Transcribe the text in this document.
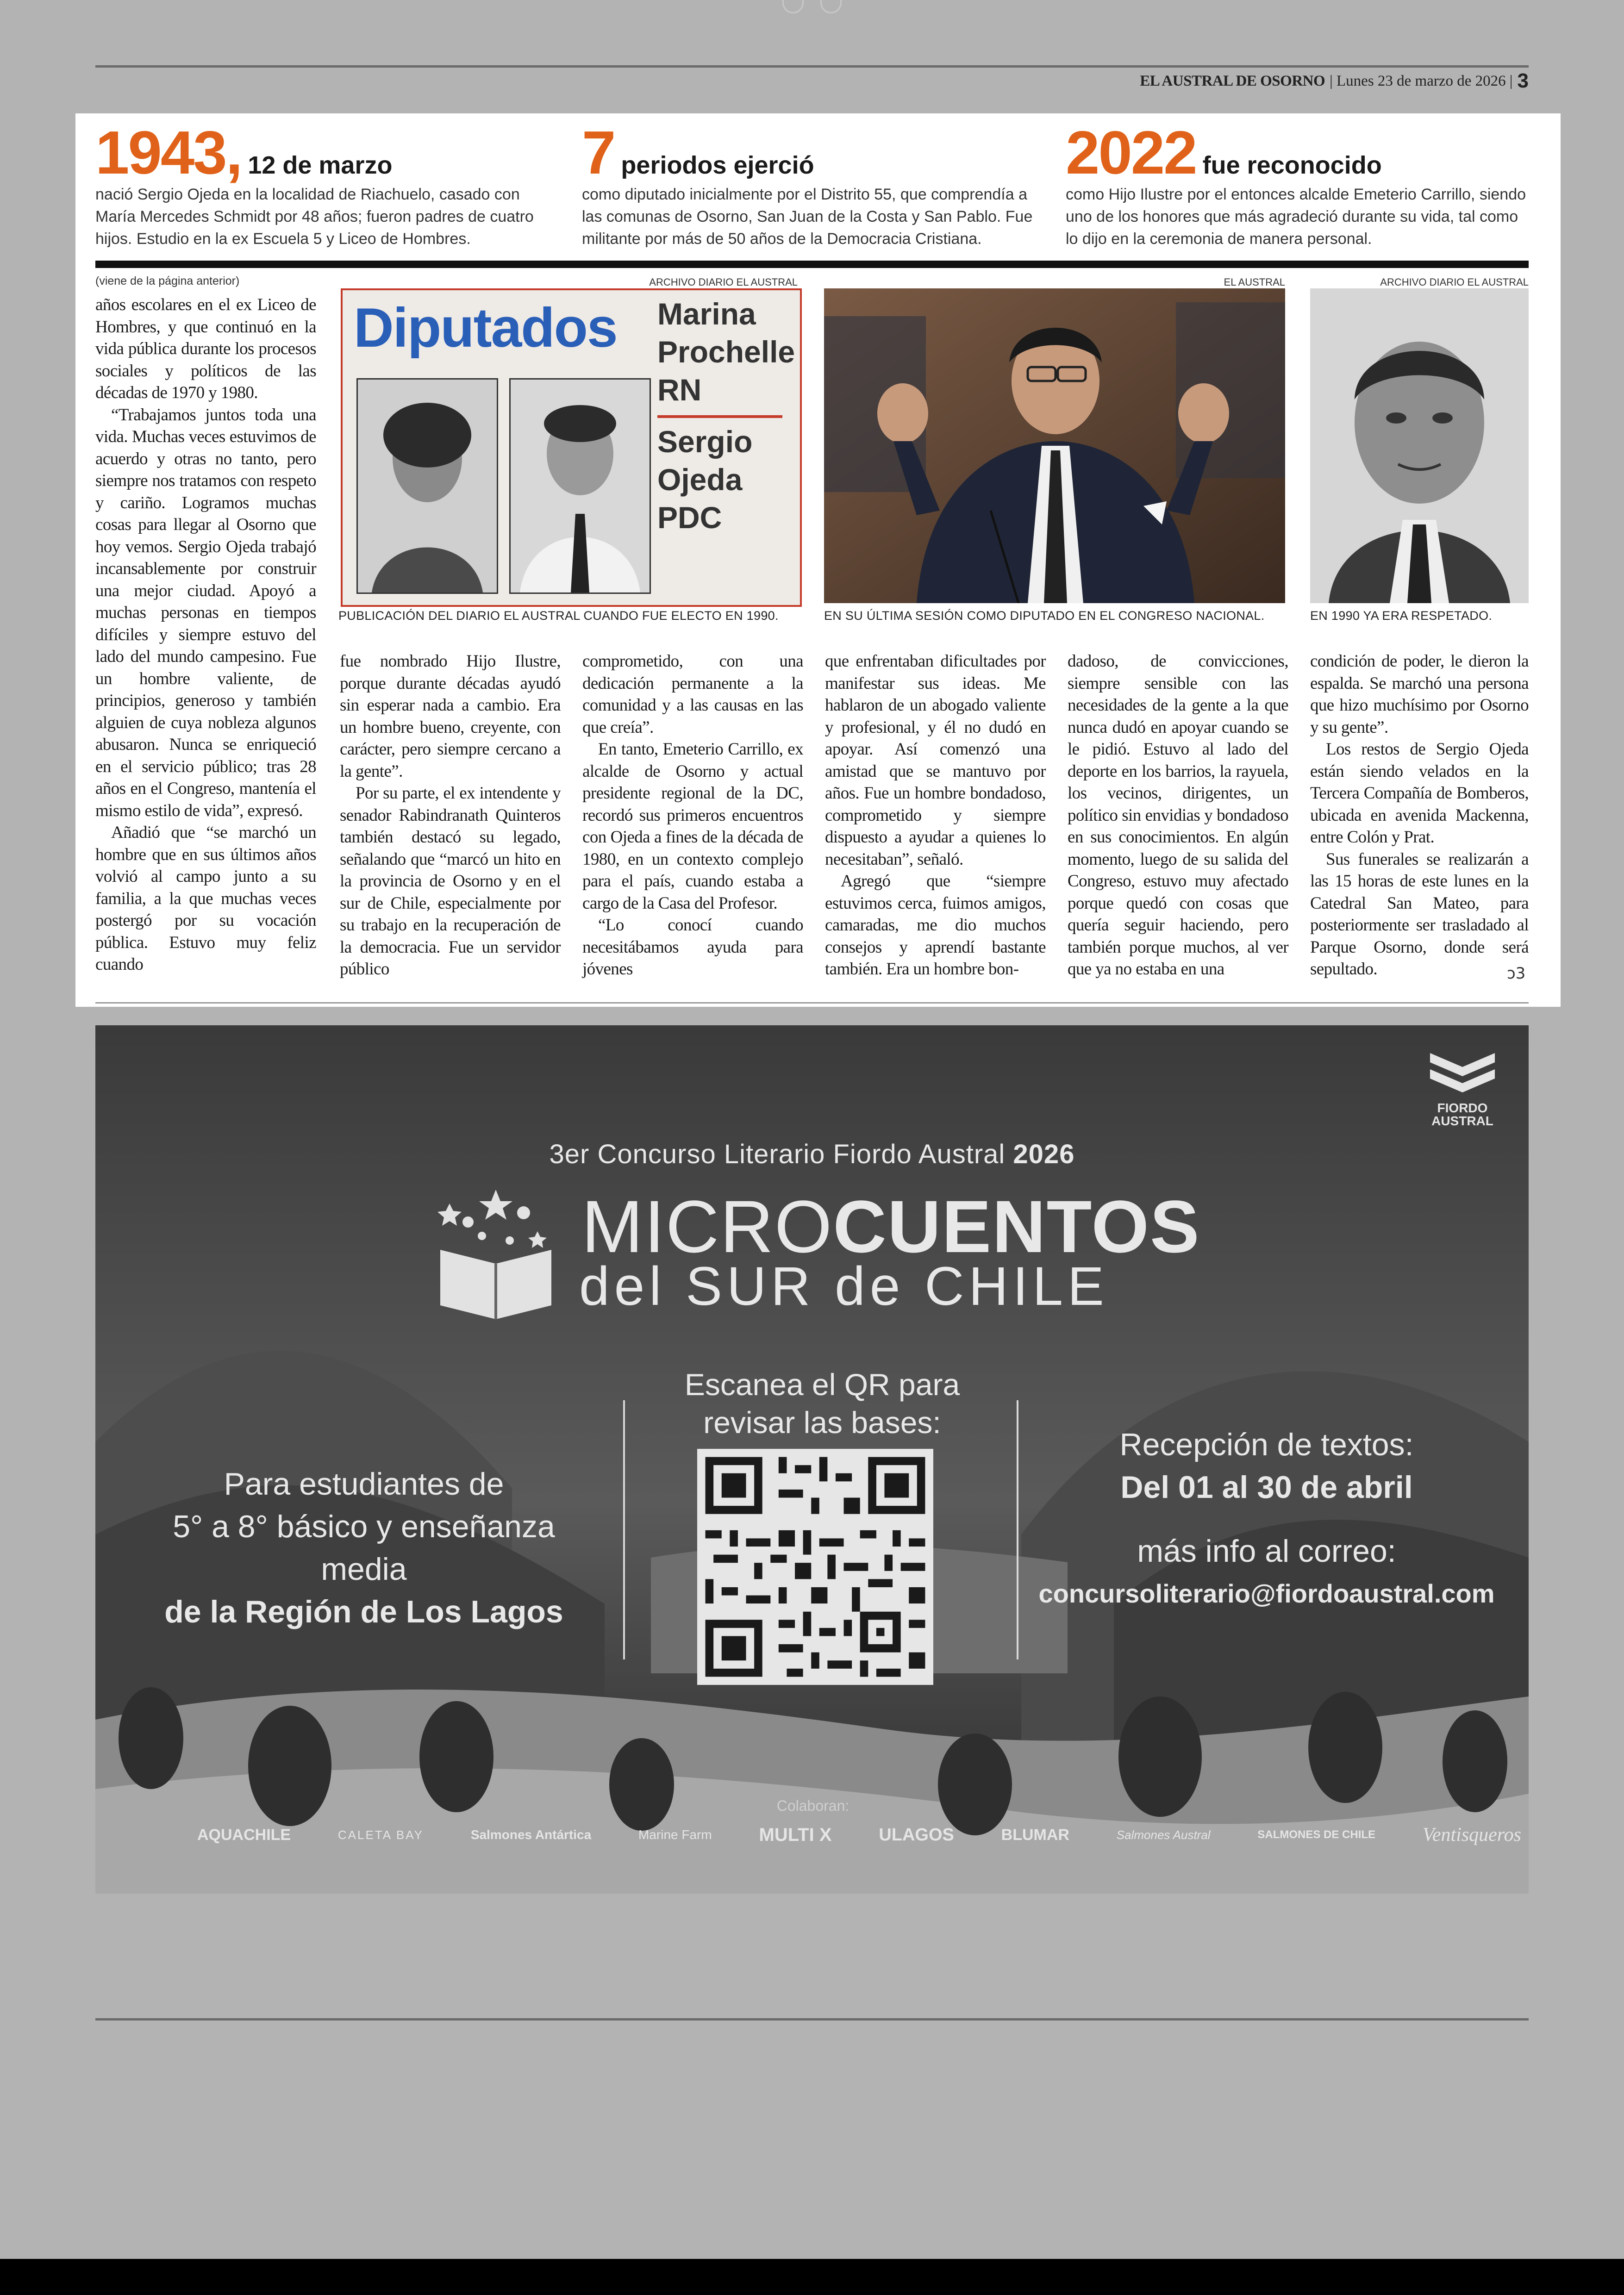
EL AUSTRAL DE OSORNO | Lunes 23 de marzo de 2026 | 3
1943, 12 de marzo
nació Sergio Ojeda en la localidad de Riachuelo, casado con María Mercedes Schmidt por 48 años; fueron padres de cuatro hijos. Estudio en la ex Escuela 5 y Liceo de Hombres.
7 periodos ejerció
como diputado inicialmente por el Distrito 55, que comprendía a las comunas de Osorno, San Juan de la Costa y San Pablo. Fue militante por más de 50 años de la Democracia Cristiana.
2022 fue reconocido
como Hijo Ilustre por el entonces alcalde Emeterio Carrillo, siendo uno de los honores que más agradeció durante su vida, tal como lo dijo en la ceremonia de manera personal.
(viene de la página anterior)

años escolares en el ex Liceo de Hombres, y que continuó en la vida pública durante los procesos sociales y políticos de las décadas de 1970 y 1980.

“Trabajamos juntos toda una vida. Muchas veces estuvimos de acuerdo y otras no tanto, pero siempre nos tratamos con respeto y cariño. Logramos muchas cosas para llegar al Osorno que hoy vemos. Sergio Ojeda trabajó incansablemente por construir una mejor ciudad. Apoyó a muchas personas en tiempos difíciles y siempre estuvo del lado del mundo campesino. Fue un hombre valiente, de principios, generoso y también alguien de cuya nobleza algunos abusaron. Nunca se enriqueció en el servicio público; tras 28 años en el Congreso, mantenía el mismo estilo de vida”, expresó.

Añadió que “se marchó un hombre que en sus últimos años volvió al campo junto a su familia, a la que muchas veces postergó por su vocación pública. Estuvo muy feliz cuando

ARCHIVO DIARIO EL AUSTRAL
Diputados Marina
Prochelle
RN
Sergio
Ojeda
PDC
PUBLICACIÓN DEL DIARIO EL AUSTRAL CUANDO FUE ELECTO EN 1990.
EL AUSTRAL
EN SU ÚLTIMA SESIÓN COMO DIPUTADO EN EL CONGRESO NACIONAL.
ARCHIVO DIARIO EL AUSTRAL
EN 1990 YA ERA RESPETADO.

fue nombrado Hijo Ilustre, porque durante décadas ayudó sin esperar nada a cambio. Era un hombre bueno, creyente, con carácter, pero siempre cercano a la gente”.

Por su parte, el ex intendente y senador Rabindranath Quinteros también destacó su legado, señalando que “marcó un hito en la provincia de Osorno y en el sur de Chile, especialmente por su trabajo en la recuperación de la democracia. Fue un servidor público

comprometido, con una dedicación permanente a la comunidad y a las causas en las que creía”.

En tanto, Emeterio Carrillo, ex alcalde de Osorno y actual presidente regional de la DC, recordó sus primeros encuentros con Ojeda a fines de la década de 1980, en un contexto complejo para el país, cuando estaba a cargo de la Casa del Profesor.

“Lo conocí cuando necesitábamos ayuda para jóvenes

que enfrentaban dificultades por manifestar sus ideas. Me hablaron de un abogado valiente y profesional, y él no dudó en apoyar. Así comenzó una amistad que se mantuvo por años. Fue un hombre bondadoso, comprometido y siempre dispuesto a ayudar a quienes lo necesitaban”, señaló.

Agregó que “siempre estuvimos cerca, fuimos amigos, camaradas, me dio muchos consejos y aprendí bastante también. Era un hombre bon-

dadoso, de convicciones, siempre sensible con las necesidades de la gente a la que nunca dudó en apoyar cuando se le pidió. Estuvo al lado del deporte en los barrios, la rayuela, los vecinos, dirigentes, un político sin envidias y bondadoso en sus conocimientos. En algún momento, luego de su salida del Congreso, estuvo muy afectado porque quedó con cosas que quería seguir haciendo, pero también porque muchos, al ver que ya no estaba en una

condición de poder, le dieron la espalda. Se marchó una persona que hizo muchísimo por Osorno y su gente”.

Los restos de Sergio Ojeda están siendo velados en la Tercera Compañía de Bomberos, ubicada en avenida Mackenna, entre Colón y Prat.

Sus funerales se realizarán a las 15 horas de este lunes en la Catedral San Mateo, para posteriormente ser trasladado al Parque Osorno, donde será sepultado.	ↄ3
FIORDO
AUSTRAL
3er Concurso Literario Fiordo Austral 2026
MICROCUENTOS
del SUR de CHILE
Para estudiantes de
5° a 8° básico y enseñanza media
de la Región de Los Lagos
Escanea el QR para
revisar las bases:
Recepción de textos:
Del 01 al 30 de abril
más info al correo:
concursoliterario@fiordoaustral.com
Colaboran:
AQUACHILE	CALETA BAY	Salmones Antártica	Marine Farm	MULTI X	ULAGOS	BLUMAR	Salmones Austral	SALMONES DE CHILE Ventisqueros
